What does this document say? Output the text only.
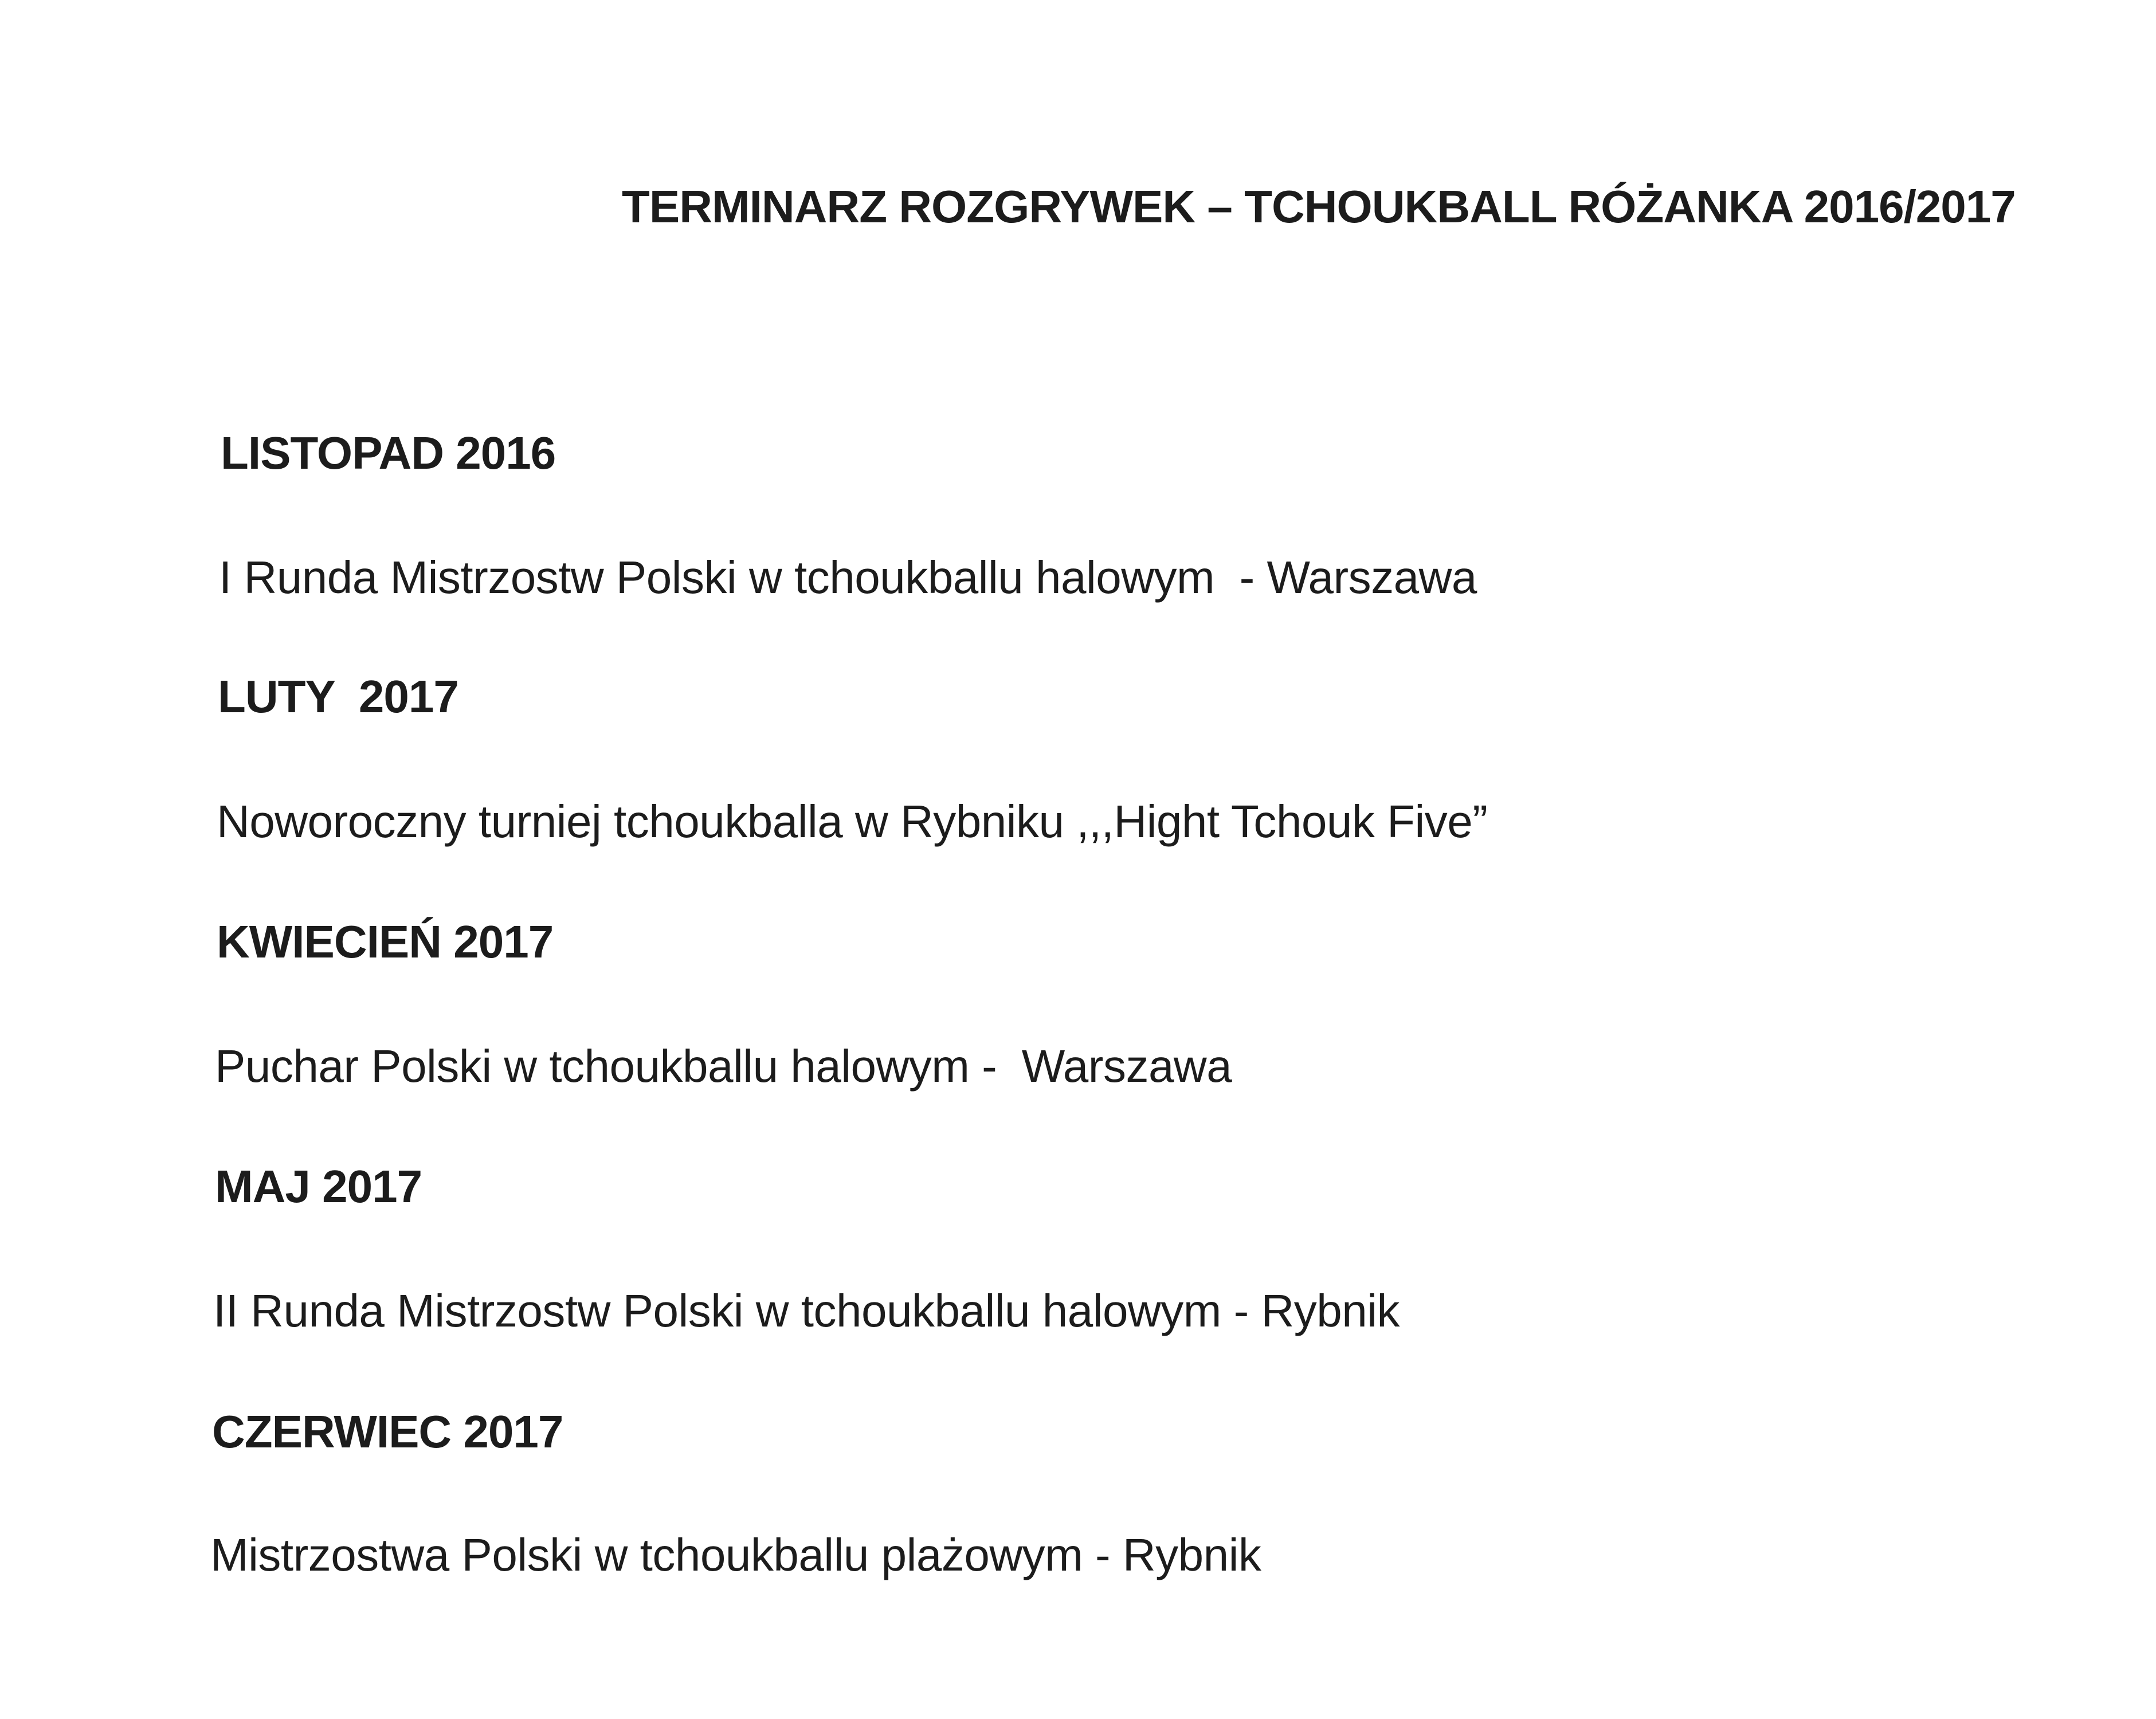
TERMINARZ ROZGRYWEK – TCHOUKBALL RÓŻANKA 2016/2017
LISTOPAD 2016
I Runda Mistrzostw Polski w tchoukballu halowym  - Warszawa
LUTY  2017
Noworoczny turniej tchoukballa w Rybniku ,,,Hight Tchouk Five”
KWIECIEŃ 2017
Puchar Polski w tchoukballu halowym -  Warszawa
MAJ 2017
II Runda Mistrzostw Polski w tchoukballu halowym - Rybnik
CZERWIEC 2017
Mistrzostwa Polski w tchoukballu plażowym - Rybnik
